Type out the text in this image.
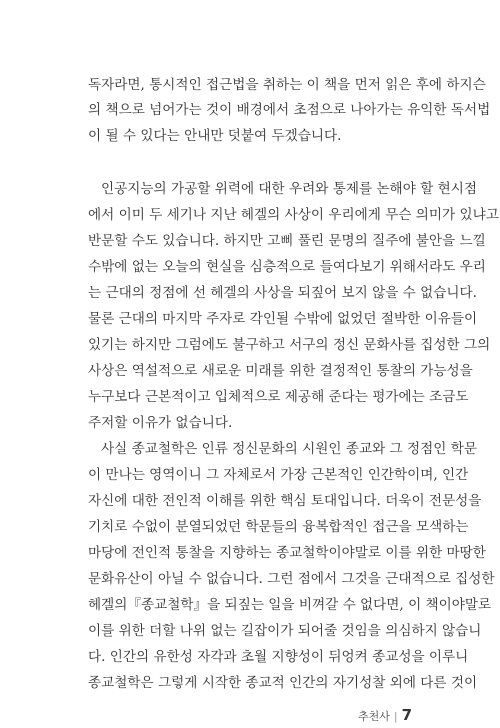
독자라면, 통시적인 접근법을 취하는 이 책을 먼저 읽은 후에 하지슨
의 책으로 넘어가는 것이 배경에서 초점으로 나아가는 유익한 독서법
이 될 수 있다는 안내만 덧붙여 두겠습니다.
인공지능의 가공할 위력에 대한 우려와 통제를 논해야 할 현시점
에서 이미 두 세기나 지난 헤겔의 사상이 우리에게 무슨 의미가 있냐고
반문할 수도 있습니다. 하지만 고삐 풀린 문명의 질주에 불안을 느낄
수밖에 없는 오늘의 현실을 심층적으로 들여다보기 위해서라도 우리
는 근대의 정점에 선 헤겔의 사상을 되짚어 보지 않을 수 없습니다.
물론 근대의 마지막 주자로 각인될 수밖에 없었던 절박한 이유들이
있기는 하지만 그럼에도 불구하고 서구의 정신 문화사를 집성한 그의
사상은 역설적으로 새로운 미래를 위한 결정적인 통찰의 가능성을
누구보다 근본적이고 입체적으로 제공해 준다는 평가에는 조금도
주저할 이유가 없습니다.
사실 종교철학은 인류 정신문화의 시원인 종교와 그 정점인 학문
이 만나는 영역이니 그 자체로서 가장 근본적인 인간학이며, 인간
자신에 대한 전인적 이해를 위한 핵심 토대입니다. 더욱이 전문성을
기치로 수없이 분열되었던 학문들의 융복합적인 접근을 모색하는
마당에 전인적 통찰을 지향하는 종교철학이야말로 이를 위한 마땅한
문화유산이 아닐 수 없습니다. 그런 점에서 그것을 근대적으로 집성한
헤겔의『종교철학』을 되짚는 일을 비껴갈 수 없다면, 이 책이야말로
이를 위한 더할 나위 없는 길잡이가 되어줄 것임을 의심하지 않습니
다. 인간의 유한성 자각과 초월 지향성이 뒤엉켜 종교성을 이루니
종교철학은 그렇게 시작한 종교적 인간의 자기성찰 외에 다른 것이
추천사 | 7
